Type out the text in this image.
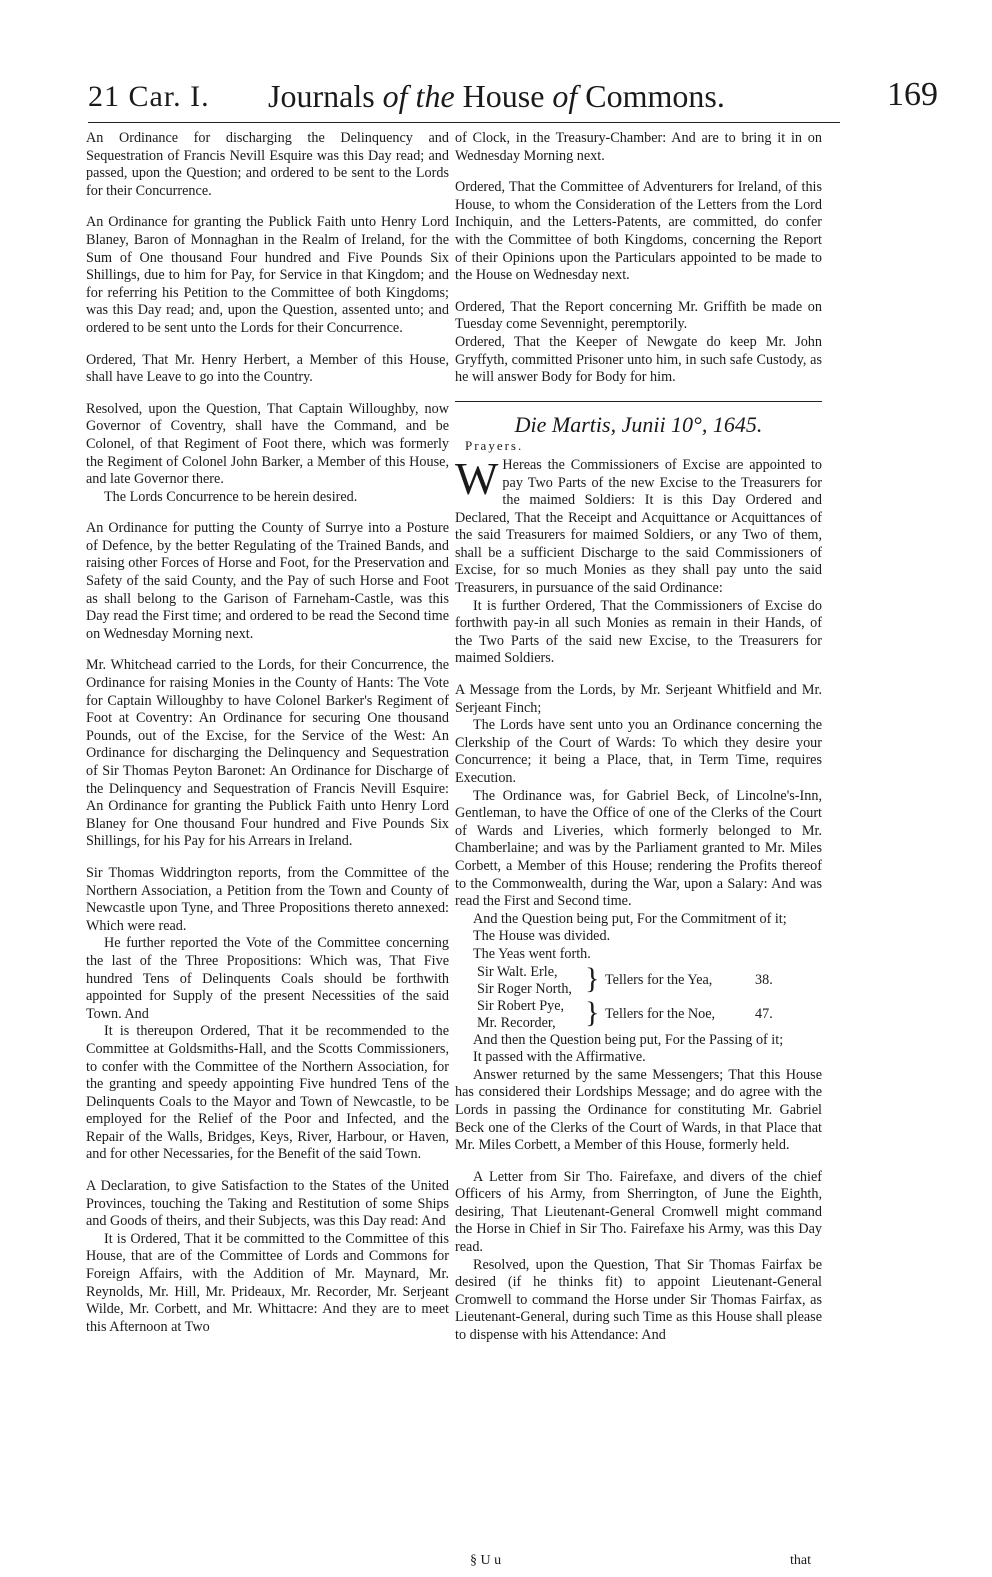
21 Car. I. Journals of the House of Commons.	169

An Ordinance for discharging the Delinquency and Sequestration of Francis Nevill Esquire was this Day read; and passed, upon the Question; and ordered to be sent to the Lords for their Concurrence.

An Ordinance for granting the Publick Faith unto Henry Lord Blaney, Baron of Monnaghan in the Realm of Ireland, for the Sum of One thousand Four hundred and Five Pounds Six Shillings, due to him for Pay, for Service in that Kingdom; and for referring his Petition to the Committee of both Kingdoms; was this Day read; and, upon the Question, assented unto; and ordered to be sent unto the Lords for their Concurrence.

Ordered, That Mr. Henry Herbert, a Member of this House, shall have Leave to go into the Country.

Resolved, upon the Question, That Captain Willoughby, now Governor of Coventry, shall have the Command, and be Colonel, of that Regiment of Foot there, which was formerly the Regiment of Colonel John Barker, a Member of this House, and late Governor there.

The Lords Concurrence to be herein desired.

An Ordinance for putting the County of Surrye into a Posture of Defence, by the better Regulating of the Trained Bands, and raising other Forces of Horse and Foot, for the Preservation and Safety of the said County, and the Pay of such Horse and Foot as shall belong to the Garison of Farneham-Castle, was this Day read the First time; and ordered to be read the Second time on Wednesday Morning next.

Mr. Whitchead carried to the Lords, for their Concurrence, the Ordinance for raising Monies in the County of Hants: The Vote for Captain Willoughby to have Colonel Barker's Regiment of Foot at Coventry: An Ordinance for securing One thousand Pounds, out of the Excise, for the Service of the West: An Ordinance for discharging the Delinquency and Sequestration of Sir Thomas Peyton Baronet: An Ordinance for Discharge of the Delinquency and Sequestration of Francis Nevill Esquire: An Ordinance for granting the Publick Faith unto Henry Lord Blaney for One thousand Four hundred and Five Pounds Six Shillings, for his Pay for his Arrears in Ireland.

Sir Thomas Widdrington reports, from the Committee of the Northern Association, a Petition from the Town and County of Newcastle upon Tyne, and Three Propositions thereto annexed: Which were read.

He further reported the Vote of the Committee concerning the last of the Three Propositions: Which was, That Five hundred Tens of Delinquents Coals should be forthwith appointed for Supply of the present Necessities of the said Town. And

It is thereupon Ordered, That it be recommended to the Committee at Goldsmiths-Hall, and the Scotts Commissioners, to confer with the Committee of the Northern Association, for the granting and speedy appointing Five hundred Tens of the Delinquents Coals to the Mayor and Town of Newcastle, to be employed for the Relief of the Poor and Infected, and the Repair of the Walls, Bridges, Keys, River, Harbour, or Haven, and for other Necessaries, for the Benefit of the said Town.

A Declaration, to give Satisfaction to the States of the United Provinces, touching the Taking and Restitution of some Ships and Goods of theirs, and their Subjects, was this Day read: And

It is Ordered, That it be committed to the Committee of this House, that are of the Committee of Lords and Commons for Foreign Affairs, with the Addition of Mr. Maynard, Mr. Reynolds, Mr. Hill, Mr. Prideaux, Mr. Recorder, Mr. Serjeant Wilde, Mr. Corbett, and Mr. Whittacre: And they are to meet this Afternoon at Two

of Clock, in the Treasury-Chamber: And are to bring it in on Wednesday Morning next.

Ordered, That the Committee of Adventurers for Ireland, of this House, to whom the Consideration of the Letters from the Lord Inchiquin, and the Letters-Patents, are committed, do confer with the Committee of both Kingdoms, concerning the Report of their Opinions upon the Particulars appointed to be made to the House on Wednesday next.

Ordered, That the Report concerning Mr. Griffith be made on Tuesday come Sevennight, peremptorily.

Ordered, That the Keeper of Newgate do keep Mr. John Gryffyth, committed Prisoner unto him, in such safe Custody, as he will answer Body for Body for him.

Die Martis, Junii 10°, 1645.
Prayers.

W Hereas the Commissioners of Excise are appointed to pay Two Parts of the new Excise to the Treasurers for the maimed Soldiers: It is this Day Ordered and Declared, That the Receipt and Acquittance or Acquittances of the said Treasurers for maimed Soldiers, or any Two of them, shall be a sufficient Discharge to the said Commissioners of Excise, for so much Monies as they shall pay unto the said Treasurers, in pursuance of the said Ordinance:

It is further Ordered, That the Commissioners of Excise do forthwith pay-in all such Monies as remain in their Hands, of the Two Parts of the said new Excise, to the Treasurers for maimed Soldiers.

A Message from the Lords, by Mr. Serjeant Whitfield and Mr. Serjeant Finch;

The Lords have sent unto you an Ordinance concerning the Clerkship of the Court of Wards: To which they desire your Concurrence; it being a Place, that, in Term Time, requires Execution.

The Ordinance was, for Gabriel Beck, of Lincolne's-Inn, Gentleman, to have the Office of one of the Clerks of the Court of Wards and Liveries, which formerly belonged to Mr. Chamberlaine; and was by the Parliament granted to Mr. Miles Corbett, a Member of this House; rendering the Profits thereof to the Commonwealth, during the War, upon a Salary: And was read the First and Second time.

And the Question being put, For the Commitment of it;

The House was divided.

The Yeas went forth.

Sir Walt. Erle,
Sir Roger North, } Tellers for the Yea,	38.
Sir Robert Pye,
Mr. Recorder, } Tellers for the Noe,	47.

And then the Question being put, For the Passing of it;

It passed with the Affirmative.

Answer returned by the same Messengers; That this House has considered their Lordships Message; and do agree with the Lords in passing the Ordinance for constituting Mr. Gabriel Beck one of the Clerks of the Court of Wards, in that Place that Mr. Miles Corbett, a Member of this House, formerly held.

A Letter from Sir Tho. Fairefaxe, and divers of the chief Officers of his Army, from Sherrington, of June the Eighth, desiring, That Lieutenant-General Cromwell might command the Horse in Chief in Sir Tho. Fairefaxe his Army, was this Day read.

Resolved, upon the Question, That Sir Thomas Fairfax be desired (if he thinks fit) to appoint Lieutenant-General Cromwell to command the Horse under Sir Thomas Fairfax, as Lieutenant-General, during such Time as this House shall please to dispense with his Attendance: And

§ U u	that
